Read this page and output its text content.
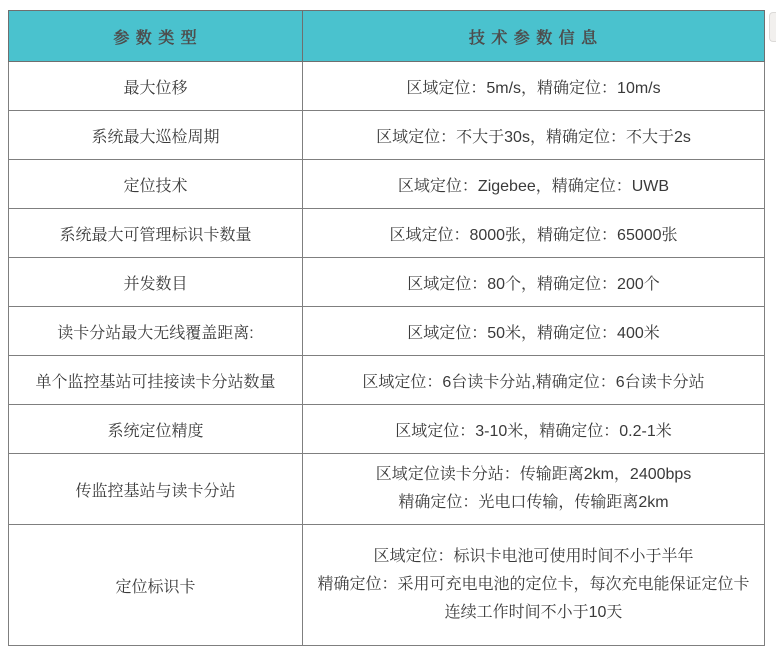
参 数 类 型	技 术 参 数 信 息
最大位移	区域定位：5m/s，精确定位：10m/s
系统最大巡检周期	区域定位：不大于30s，精确定位：不大于2s
定位技术	区域定位：Zigebee，精确定位：UWB
系统最大可管理标识卡数量	区域定位：8000张，精确定位：65000张
并发数目	区域定位：80个，精确定位：200个
读卡分站最大无线覆盖距离:	区域定位：50米，精确定位：400米
单个监控基站可挂接读卡分站数量	区域定位：6台读卡分站,精确定位：6台读卡分站
系统定位精度	区域定位：3-10米，精确定位：0.2-1米
传监控基站与读卡分站	区域定位读卡分站：传输距离2km，2400bps
精确定位：光电口传输，传输距离2km

定位标识卡	区域定位：标识卡电池可使用时间不小于半年
精确定位：采用可充电电池的定位卡，每次充电能保证定位卡
连续工作时间不小于10天
